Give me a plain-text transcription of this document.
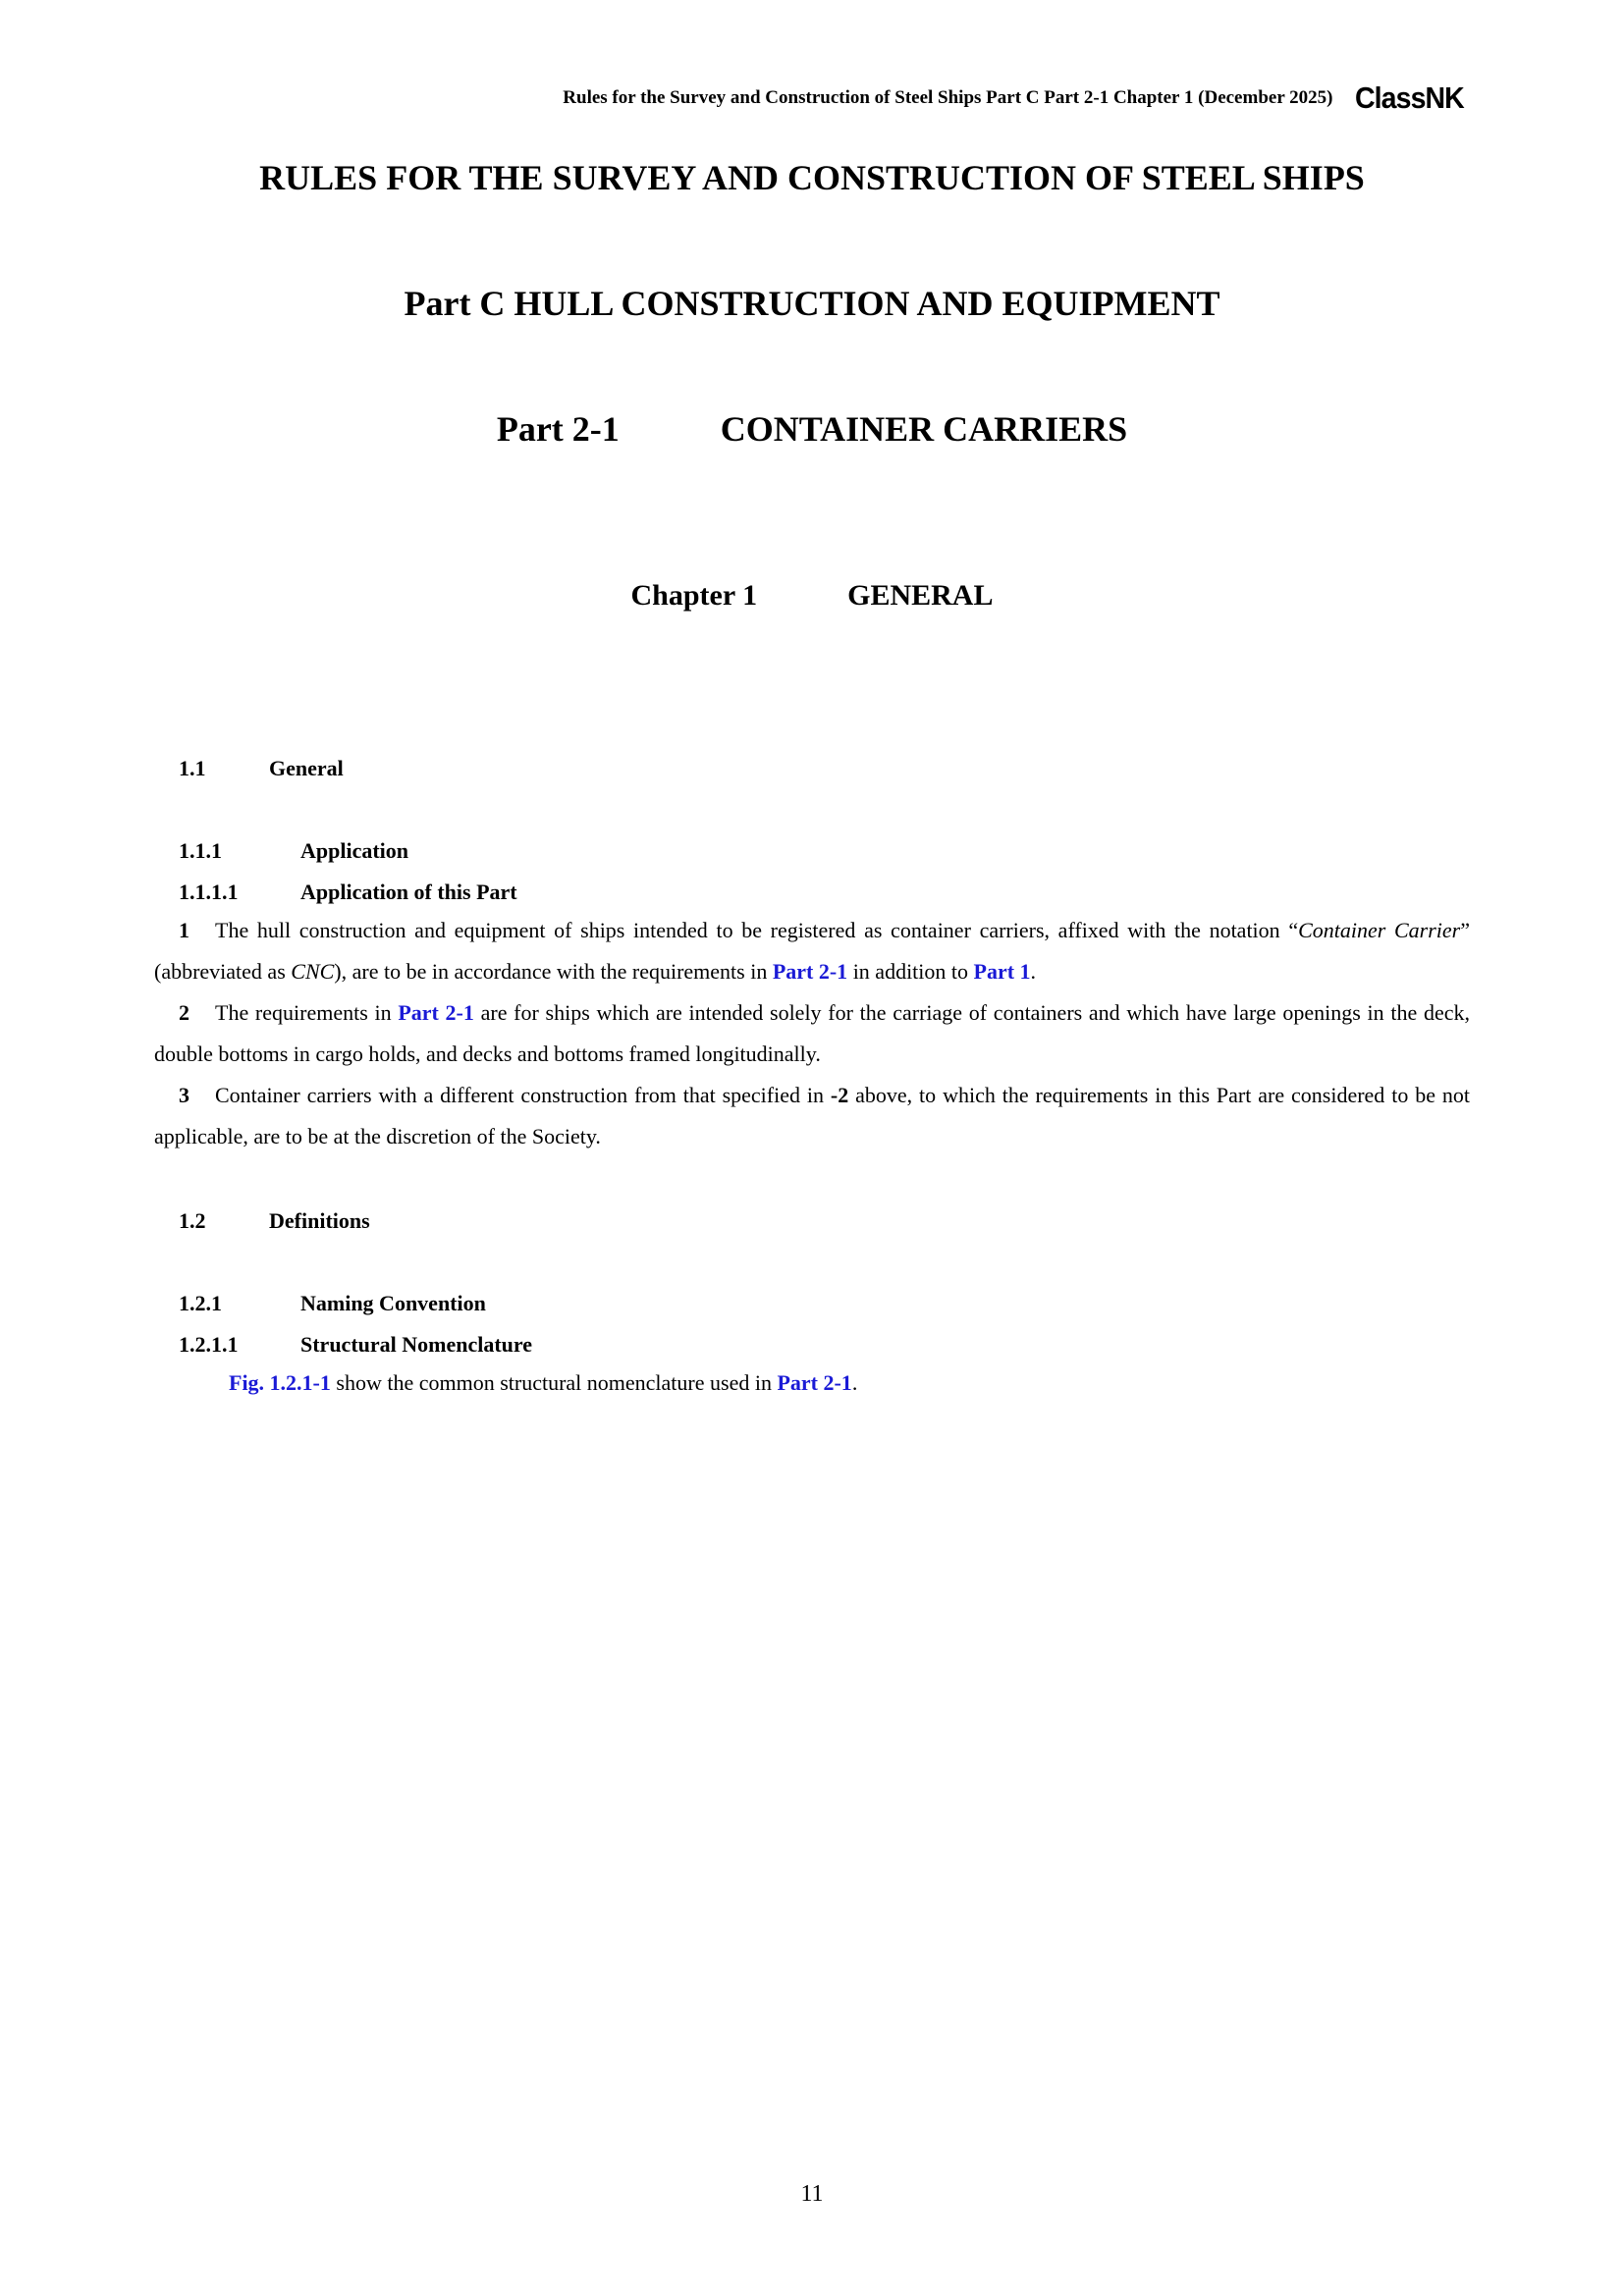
Rules for the Survey and Construction of Steel Ships Part C Part 2-1 Chapter 1 (December 2025) ClassNK
RULES FOR THE SURVEY AND CONSTRUCTION OF STEEL SHIPS
Part C HULL CONSTRUCTION AND EQUIPMENT
Part 2-1	CONTAINER CARRIERS
Chapter 1	GENERAL
1.1	General
1.1.1	Application
1.1.1.1	Application of this Part
1 The hull construction and equipment of ships intended to be registered as container carriers, affixed with the notation “Container Carrier” (abbreviated as CNC), are to be in accordance with the requirements in Part 2-1 in addition to Part 1.
2 The requirements in Part 2-1 are for ships which are intended solely for the carriage of containers and which have large openings in the deck, double bottoms in cargo holds, and decks and bottoms framed longitudinally.
3 Container carriers with a different construction from that specified in -2 above, to which the requirements in this Part are considered to be not applicable, are to be at the discretion of the Society.
1.2	Definitions
1.2.1	Naming Convention
1.2.1.1	Structural Nomenclature
Fig. 1.2.1-1 show the common structural nomenclature used in Part 2-1.
11
